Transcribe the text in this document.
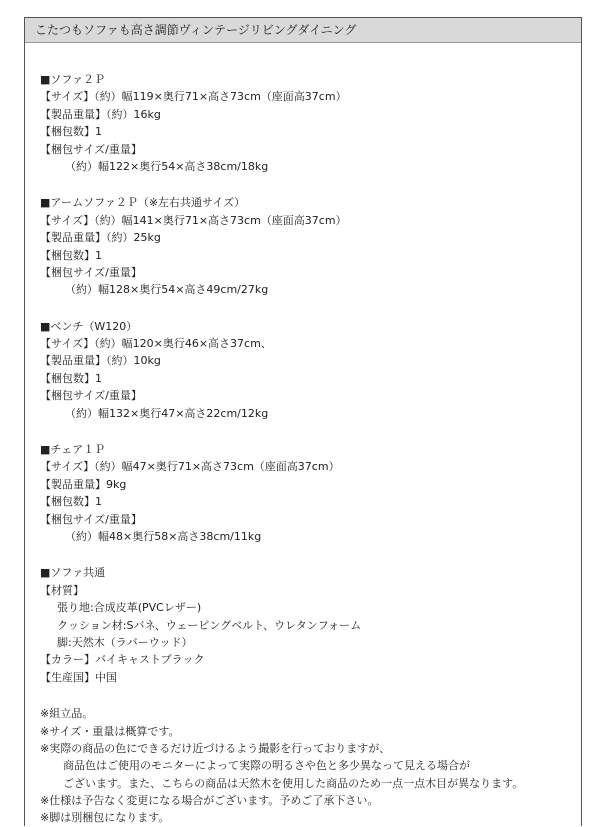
こたつもソファも高さ調節ヴィンテージリビングダイニング
■ソファ２Ｐ
【サイズ】（約）幅119×奥行71×高さ73cm（座面高37cm）
【製品重量】（約）16kg
【梱包数】1
【梱包サイズ/重量】
（約）幅122×奥行54×高さ38cm/18kg
■アームソファ２Ｐ（※左右共通サイズ）
【サイズ】（約）幅141×奥行71×高さ73cm（座面高37cm）
【製品重量】（約）25kg
【梱包数】1
【梱包サイズ/重量】
（約）幅128×奥行54×高さ49cm/27kg
■ベンチ（W120）
【サイズ】（約）幅120×奥行46×高さ37cm、
【製品重量】（約）10kg
【梱包数】1
【梱包サイズ/重量】
（約）幅132×奥行47×高さ22cm/12kg
■チェア１Ｐ
【サイズ】（約）幅47×奥行71×高さ73cm（座面高37cm）
【製品重量】9kg
【梱包数】1
【梱包サイズ/重量】
（約）幅48×奥行58×高さ38cm/11kg
■ソファ共通
【材質】
張り地:合成皮革(PVCレザー)
クッション材:Sバネ、ウェービングベルト、ウレタンフォーム
脚:天然木（ラバーウッド）
【カラー】バイキャストブラック
【生産国】中国
※組立品。
※サイズ・重量は概算です。
※実際の商品の色にできるだけ近づけるよう撮影を行っておりますが、
商品色はご使用のモニターによって実際の明るさや色と多少異なって見える場合が
ございます。また、こちらの商品は天然木を使用した商品のため一点一点木目が異なります。
※仕様は予告なく変更になる場合がございます。予めご了承下さい。
※脚は別梱包になります。
